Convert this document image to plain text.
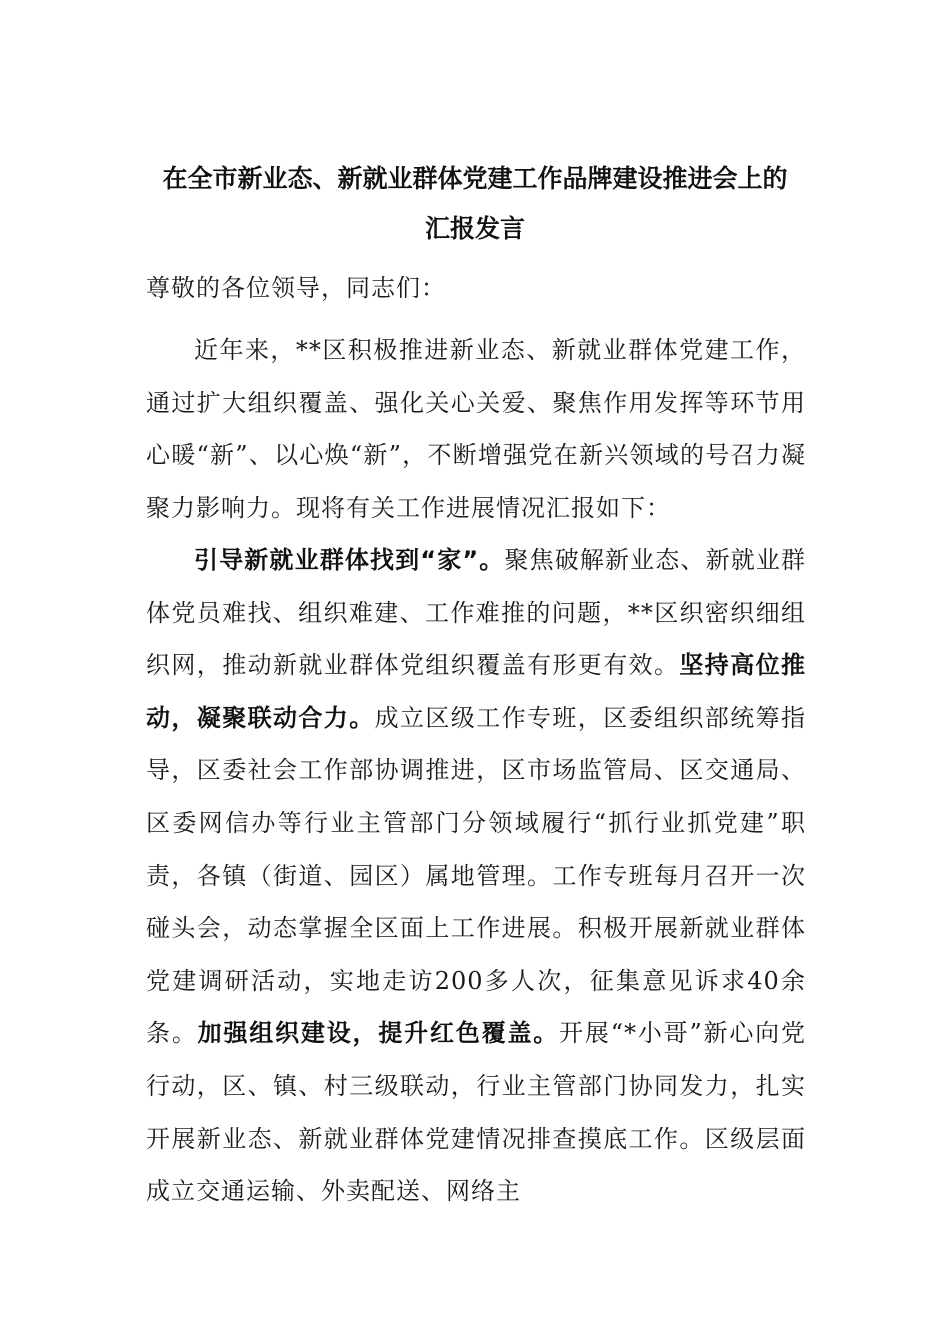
在全市新业态、新就业群体党建工作品牌建设推进会上的
汇报发言

尊敬的各位领导，同志们：

近年来，**区积极推进新业态、新就业群体党建工作，通过扩大组织覆盖、强化关心关爱、聚焦作用发挥等环节用心暖“新”、以心焕“新”，不断增强党在新兴领域的号召力凝聚力影响力。现将有关工作进展情况汇报如下：

引导新就业群体找到“家”。聚焦破解新业态、新就业群体党员难找、组织难建、工作难推的问题，**区织密织细组织网，推动新就业群体党组织覆盖有形更有效。坚持高位推动，凝聚联动合力。成立区级工作专班，区委组织部统筹指导，区委社会工作部协调推进，区市场监管局、区交通局、区委网信办等行业主管部门分领域履行“抓行业抓党建”职责，各镇（街道、园区）属地管理。工作专班每月召开一次碰头会，动态掌握全区面上工作进展。积极开展新就业群体党建调研活动，实地走访200多人次，征集意见诉求40余条。加强组织建设，提升红色覆盖。开展“*小哥”新心向党行动，区、镇、村三级联动，行业主管部门协同发力，扎实开展新业态、新就业群体党建情况排查摸底工作。区级层面成立交通运输、外卖配送、网络主
